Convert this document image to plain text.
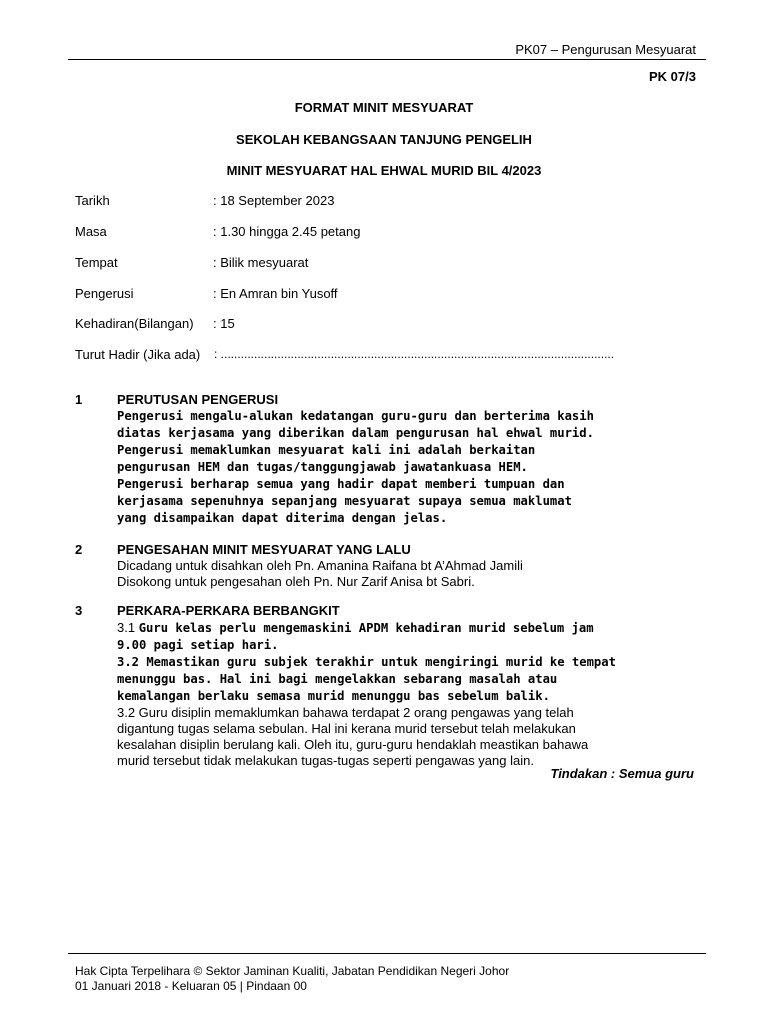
PK07 – Pengurusan Mesyuarat
PK 07/3
FORMAT MINIT MESYUARAT
SEKOLAH KEBANGSAAN TANJUNG PENGELIH
MINIT MESYUARAT HAL EHWAL MURID BIL 4/2023
Tarikh	: 18 September 2023
Masa	: 1.30 hingga 2.45 petang
Tempat	: Bilik mesyuarat
Pengerusi	: En Amran bin Yusoff
Kehadiran(Bilangan) : 15
Turut Hadir (Jika ada) : ......................................................................................................................
1	PERUTUSAN PENGERUSI
Pengerusi mengalu-alukan kedatangan guru-guru dan berterima kasih
diatas kerjasama yang diberikan dalam pengurusan hal ehwal murid.
Pengerusi memaklumkan mesyuarat kali ini adalah berkaitan
pengurusan HEM dan tugas/tanggungjawab jawatankuasa HEM.
Pengerusi berharap semua yang hadir dapat memberi tumpuan dan
kerjasama sepenuhnya sepanjang mesyuarat supaya semua maklumat
yang disampaikan dapat diterima dengan jelas.
2	PENGESAHAN MINIT MESYUARAT YANG LALU
Dicadang untuk disahkan oleh Pn. Amanina Raifana bt A’Ahmad Jamili
Disokong untuk pengesahan oleh Pn. Nur Zarif Anisa bt Sabri.
3	PERKARA-PERKARA BERBANGKIT
3.1 Guru kelas perlu mengemaskini APDM kehadiran murid sebelum jam
9.00 pagi setiap hari.
3.2 Memastikan guru subjek terakhir untuk mengiringi murid ke tempat
menunggu bas. Hal ini bagi mengelakkan sebarang masalah atau
kemalangan berlaku semasa murid menunggu bas sebelum balik.
3.2 Guru disiplin memaklumkan bahawa terdapat 2 orang pengawas yang telah
digantung tugas selama sebulan. Hal ini kerana murid tersebut telah melakukan
kesalahan disiplin berulang kali. Oleh itu, guru-guru hendaklah meastikan bahawa
murid tersebut tidak melakukan tugas-tugas seperti pengawas yang lain.
Tindakan : Semua guru
Hak Cipta Terpelihara © Sektor Jaminan Kualiti, Jabatan Pendidikan Negeri Johor
01 Januari 2018 - Keluaran 05 | Pindaan 00
